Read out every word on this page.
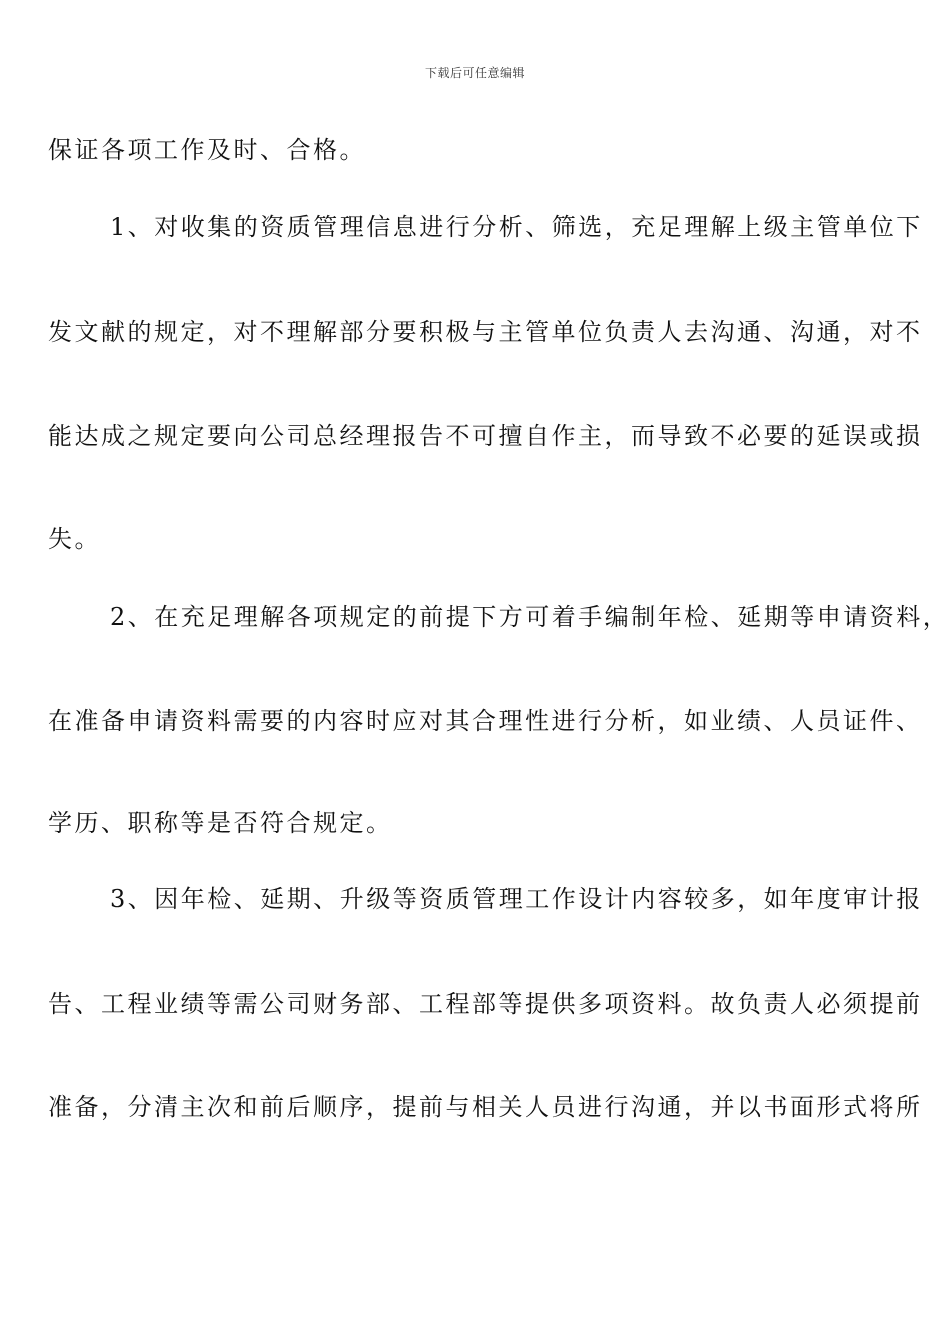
下载后可任意编辑
保证各项工作及时、合格。
1、对收集的资质管理信息进行分析、筛选，充足理解上级主管单位下
发文献的规定，对不理解部分要积极与主管单位负责人去沟通、沟通，对不
能达成之规定要向公司总经理报告不可擅自作主，而导致不必要的延误或损
失。
2、在充足理解各项规定的前提下方可着手编制年检、延期等申请资料，
在准备申请资料需要的内容时应对其合理性进行分析，如业绩、人员证件、
学历、职称等是否符合规定。
3、因年检、延期、升级等资质管理工作设计内容较多，如年度审计报
告、工程业绩等需公司财务部、工程部等提供多项资料。故负责人必须提前
准备，分清主次和前后顺序，提前与相关人员进行沟通，并以书面形式将所
